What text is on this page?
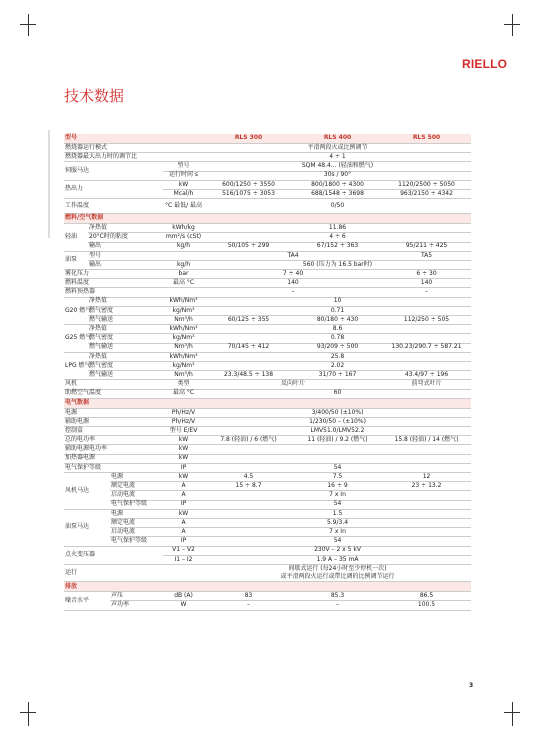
RIELLO
技术数据
型号				RLS 300	RLS 400	RLS 500
燃烧器运行模式				平滑两段火或比例调节		
燃烧器最大出力时的调节比				4 ÷ 1		
伺服马达			型号	SQM 48.4... (轻油和燃气)		
			运行时间 s	30s / 90°		
热出力			kW	600/1250 ÷ 3550	800/1800 ÷ 4300	1120/2500 ÷ 5050
			Mcal/h	516/1075 ÷ 3053	688/1548 ÷ 3698	963/2150 ÷ 4342
工作温度			°C 最低/ 最高	0/50		
燃料/空气数据						
轻油	净热值		kWh/kg	11.86		
	20°C时的粘度		mm²/s (cSt)	4 ÷ 6		
	输出		kg/h	50/105 ÷ 299	67/152 ÷ 363	95/211 ÷ 425
油泵	型号			TA4		TA5
	输出		kg/h	560 (压力为 16.5 bar时)		
雾化压力			bar	7 ÷ 40		6 ÷ 30
燃料温度			最高 °C	140		140
燃料预热器				–		–
G20 燃气	净热值		kWh/Nm³	10		
	燃气密度		kg/Nm³	0.71		
	燃气输送		Nm³/h	60/125 ÷ 355	80/180 ÷ 430	112/250 ÷ 505
G25 燃气	净热值		kWh/Nm³	8.6		
	燃气密度		kg/Nm³	0.78		
	燃气输送		Nm³/h	70/145 ÷ 412	93/209 ÷ 500	130.23/290.7 ÷ 587.21
LPG 燃气	净热值		kWh/Nm³	25.8		
	燃气密度		kg/Nm³	2.02		
	燃气输送		Nm³/h	23.3/48.5 ÷ 138	31/70 ÷ 167	43.4/97 ÷ 196
风机			类型	反向叶片		前弯式叶片
助燃空气温度			最高 °C	60		
电气数据						
电源			Ph/Hz/V	3/400/50 (±10%)		
辅助电源			Ph/Hz/V	1/230/50 – (±10%)		
控制盒			型号 E/EV	LMV51.0/LMV52.2		
总的电功率			kW	7.8 (轻油) / 6 (燃气)	11 (轻油) / 9.2 (燃气)	15.8 (轻油) / 14 (燃气)
辅助电源电功率			kW			
加热器电源			kW			
电气保护等级			IP	54		
风机马达		电源	kW	4.5	7.5	12
		额定电流	A	15 ÷ 8.7	16 ÷ 9	23 ÷ 13.2
		启动电流	A	7 x In		
		电气保护等级	IP	54		
油泵马达		电源	kW	1.5		
		额定电流	A	5.9/3.4		
		启动电流	A	7 x In		
		电气保护等级	IP	54		
点火变压器			V1 – V2	230V – 2 x 5 kV		
			I1 – I2	1.9 A – 35 mA		
运行				间歇式运行 (每24小时至少停机一次)		
				或平滑两段火运行或带比调的比例调节运行		
排放						
噪音水平		声压	dB (A)	83	85.3	86.5
		声功率	W	–	–	100.5
3
